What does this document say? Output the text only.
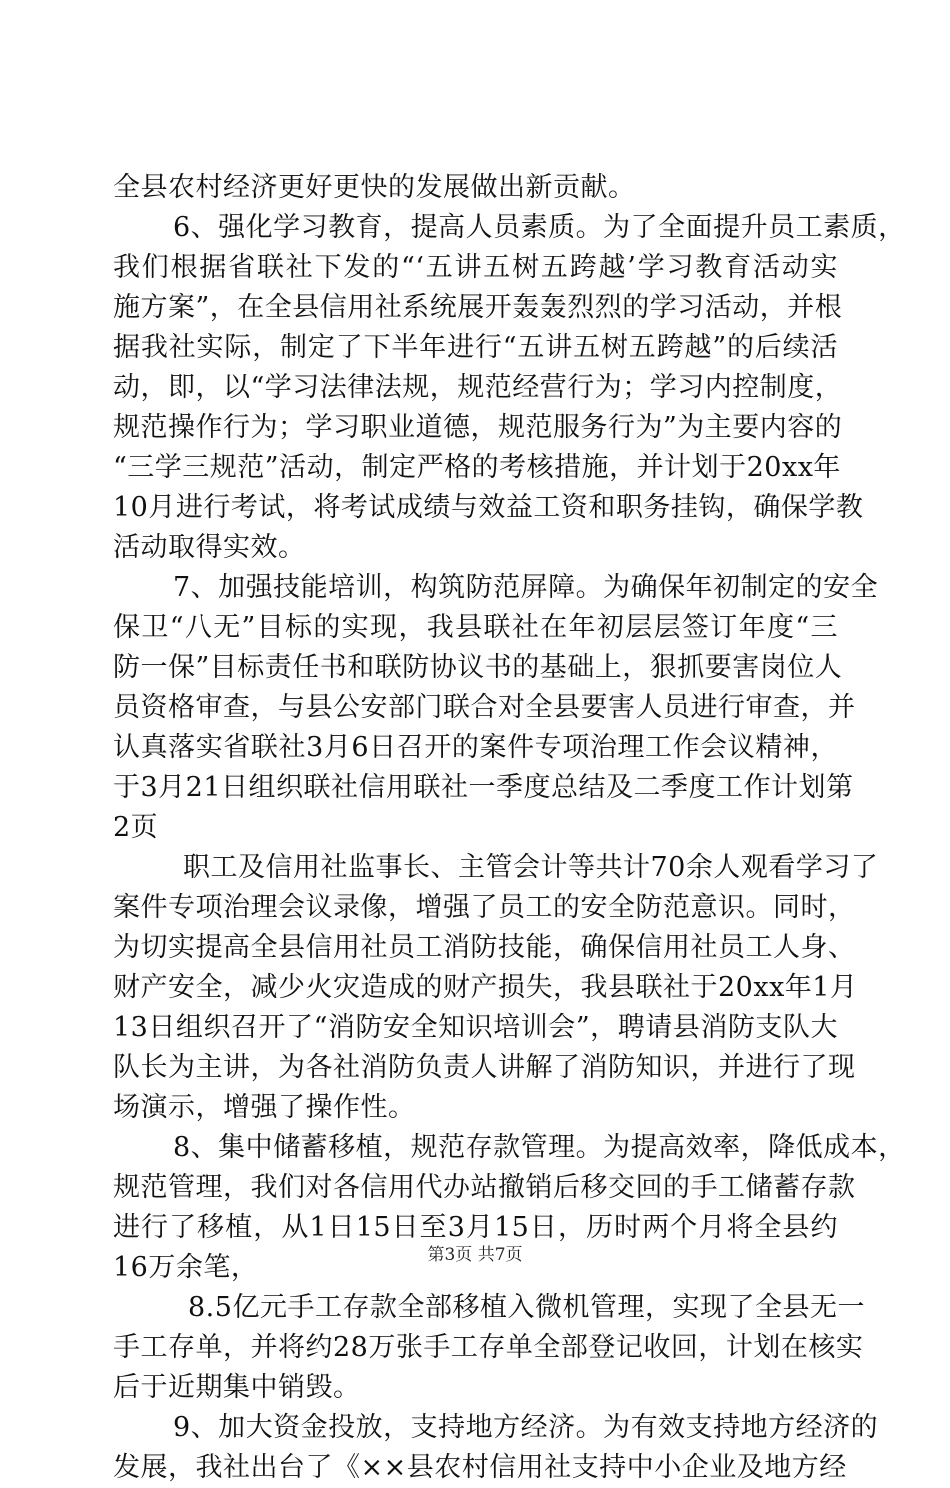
全县农村经济更好更快的发展做出新贡献。
6、强化学习教育，提高人员素质。为了全面提升员工素质，
我们根据省联社下发的“‘五讲五树五跨越’学习教育活动实
施方案”，在全县信用社系统展开轰轰烈烈的学习活动，并根
据我社实际，制定了下半年进行“五讲五树五跨越”的后续活
动，即，以“学习法律法规，规范经营行为；学习内控制度，
规范操作行为；学习职业道德，规范服务行为”为主要内容的
“三学三规范”活动，制定严格的考核措施，并计划于20xx年
10月进行考试，将考试成绩与效益工资和职务挂钩，确保学教
活动取得实效。
7、加强技能培训，构筑防范屏障。为确保年初制定的安全
保卫“八无”目标的实现，我县联社在年初层层签订年度“三
防一保”目标责任书和联防协议书的基础上，狠抓要害岗位人
员资格审查，与县公安部门联合对全县要害人员进行审查，并
认真落实省联社3月6日召开的案件专项治理工作会议精神，
于3月21日组织联社信用联社一季度总结及二季度工作计划第
2页
职工及信用社监事长、主管会计等共计70余人观看学习了
案件专项治理会议录像，增强了员工的安全防范意识。同时，
为切实提高全县信用社员工消防技能，确保信用社员工人身、
财产安全，减少火灾造成的财产损失，我县联社于20xx年1月
13日组织召开了“消防安全知识培训会”，聘请县消防支队大
队长为主讲，为各社消防负责人讲解了消防知识，并进行了现
场演示，增强了操作性。
8、集中储蓄移植，规范存款管理。为提高效率，降低成本，
规范管理，我们对各信用代办站撤销后移交回的手工储蓄存款
进行了移植，从1日15日至3月15日，历时两个月将全县约
16万余笔，
8.5亿元手工存款全部移植入微机管理，实现了全县无一
手工存单，并将约28万张手工存单全部登记收回，计划在核实
后于近期集中销毁。
9、加大资金投放，支持地方经济。为有效支持地方经济的
发展，我社出台了《××县农村信用社支持中小企业及地方经
第3页 共7页
